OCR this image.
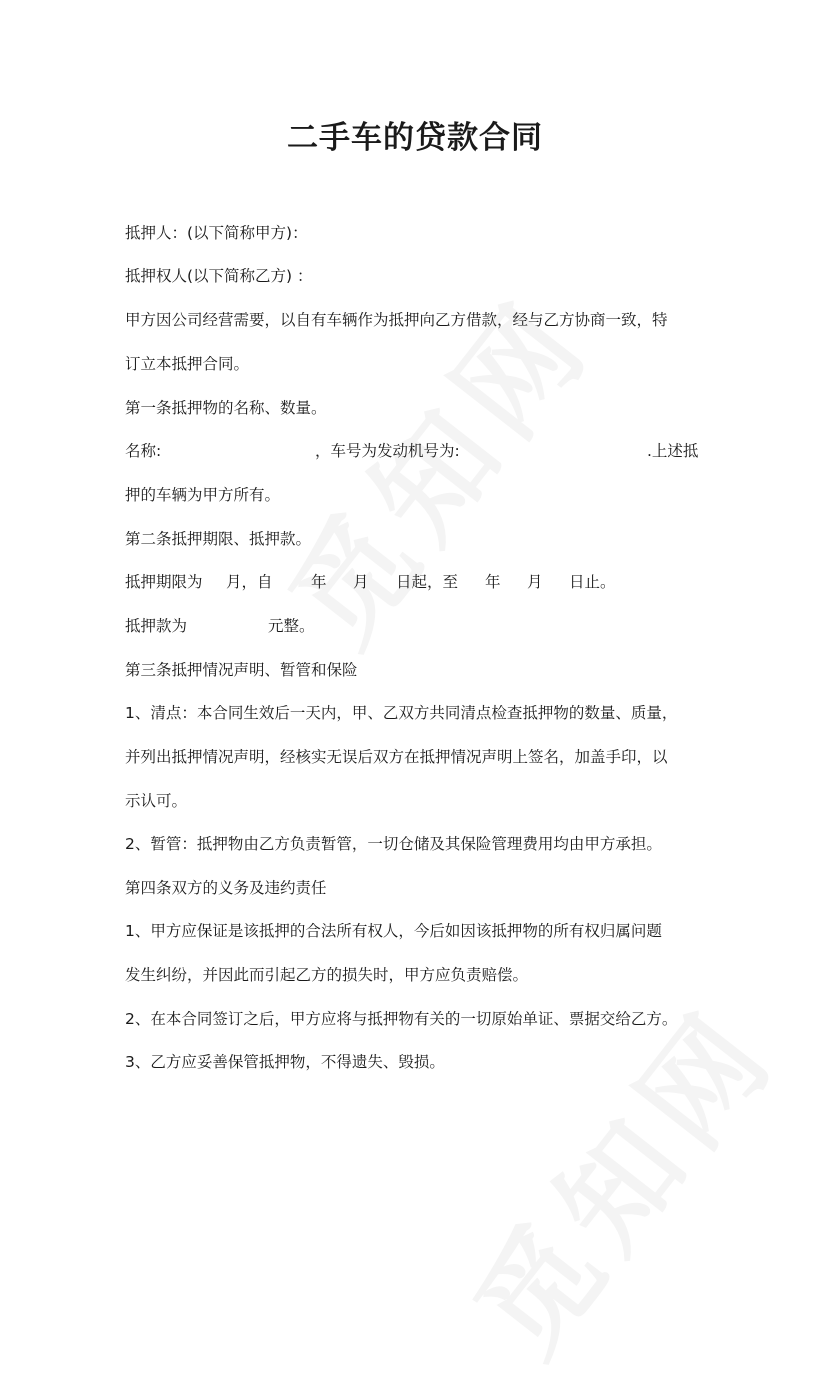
二手车的贷款合同
抵押人：(以下简称甲方)：
抵押权人(以下简称乙方) ：
甲方因公司经营需要，以自有车辆作为抵押向乙方借款，经与乙方协商一致，特
订立本抵押合同。
第一条抵押物的名称、数量。
名称:	，车号为发动机号为:	.上述抵
押的车辆为甲方所有。
第二条抵押期限、抵押款。
抵押期限为 月，自 年 月 日起，至 年 月 日止。
抵押款为	元整。
第三条抵押情况声明、暂管和保险
1、清点：本合同生效后一天内，甲、乙双方共同清点检查抵押物的数量、质量，
并列出抵押情况声明，经核实无误后双方在抵押情况声明上签名，加盖手印，以
示认可。
2、暂管：抵押物由乙方负责暂管，一切仓储及其保险管理费用均由甲方承担。
第四条双方的义务及违约责任
1、甲方应保证是该抵押的合法所有权人，今后如因该抵押物的所有权归属问题
发生纠纷，并因此而引起乙方的损失时，甲方应负责赔偿。
2、在本合同签订之后，甲方应将与抵押物有关的一切原始单证、票据交给乙方。
3、乙方应妥善保管抵押物，不得遗失、毁损。
